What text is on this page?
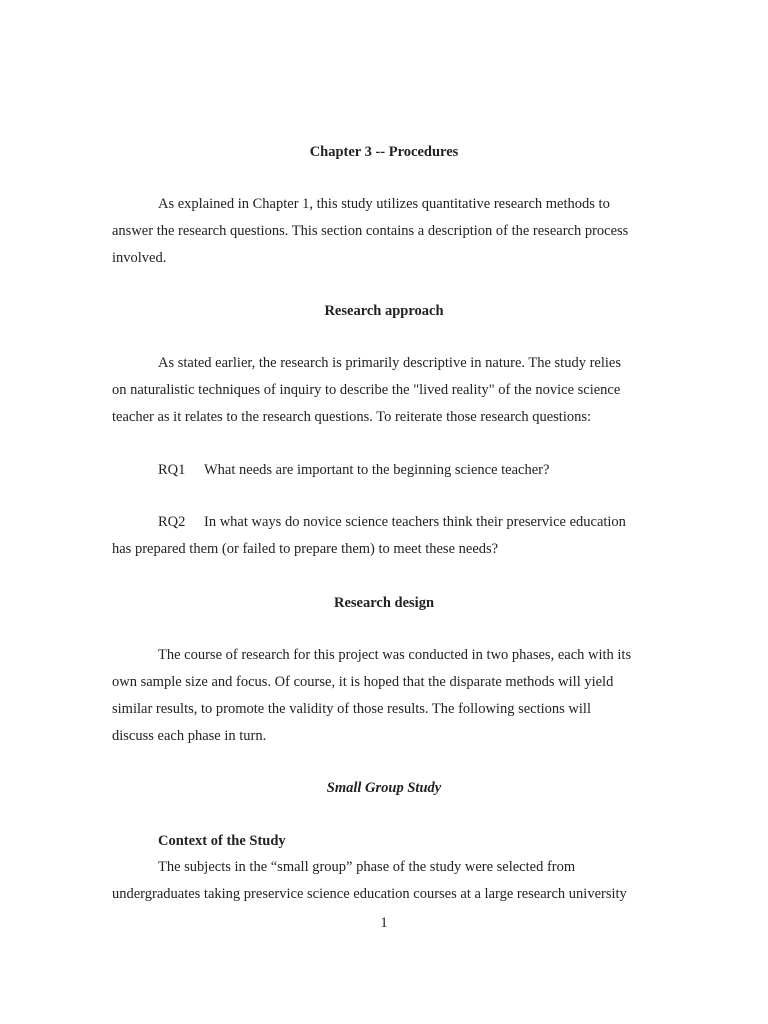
Chapter 3 -- Procedures
As explained in Chapter 1, this study utilizes quantitative research methods to
answer the research questions. This section contains a description of the research process
involved.
Research approach
As stated earlier, the research is primarily descriptive in nature. The study relies
on naturalistic techniques of inquiry to describe the "lived reality" of the novice science
teacher as it relates to the research questions. To reiterate those research questions:
RQ1 What needs are important to the beginning science teacher?
RQ2 In what ways do novice science teachers think their preservice education
has prepared them (or failed to prepare them) to meet these needs?
Research design
The course of research for this project was conducted in two phases, each with its
own sample size and focus. Of course, it is hoped that the disparate methods will yield
similar results, to promote the validity of those results. The following sections will
discuss each phase in turn.
Small Group Study
Context of the Study
The subjects in the “small group” phase of the study were selected from
undergraduates taking preservice science education courses at a large research university
1
